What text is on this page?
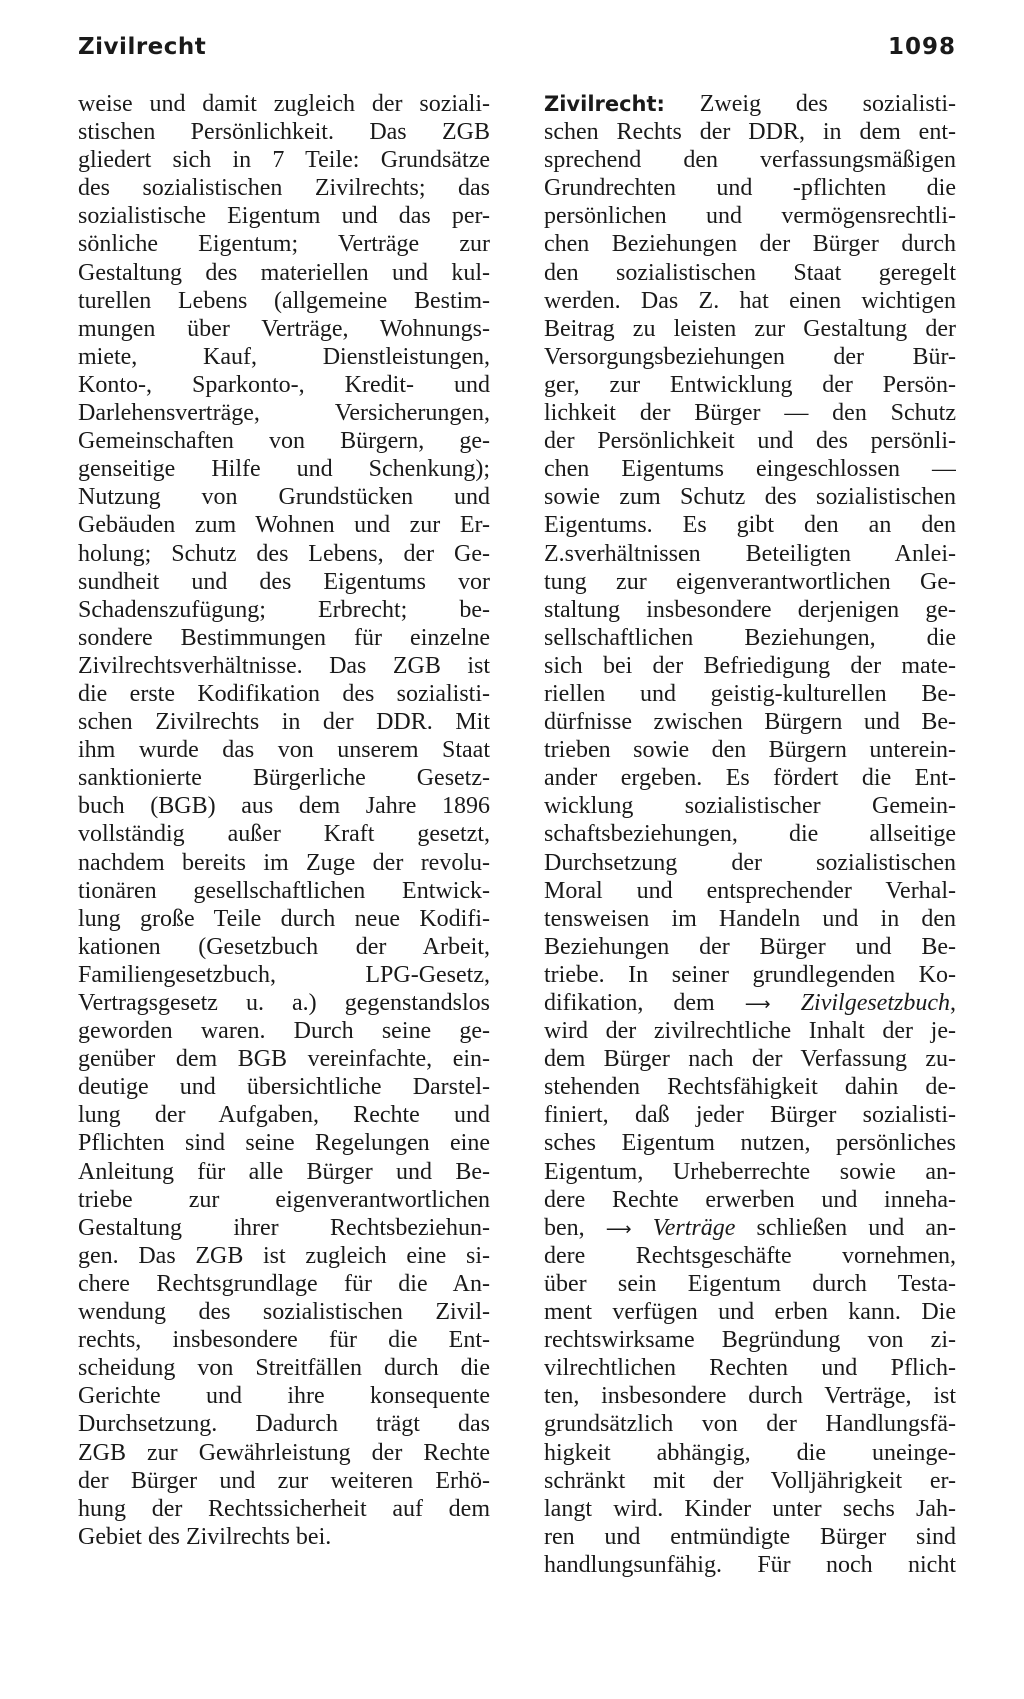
Zivilrecht	1098
weise und damit zugleich der soziali-
stischen Persönlichkeit. Das ZGB
gliedert sich in 7 Teile: Grundsätze
des sozialistischen Zivilrechts; das
sozialistische Eigentum und das per-
sönliche Eigentum; Verträge zur
Gestaltung des materiellen und kul-
turellen Lebens (allgemeine Bestim-
mungen über Verträge, Wohnungs-
miete, Kauf, Dienstleistungen,
Konto-, Sparkonto-, Kredit- und
Darlehensverträge, Versicherungen,
Gemeinschaften von Bürgern, ge-
genseitige Hilfe und Schenkung);
Nutzung von Grundstücken und
Gebäuden zum Wohnen und zur Er-
holung; Schutz des Lebens, der Ge-
sundheit und des Eigentums vor
Schadenszufügung; Erbrecht; be-
sondere Bestimmungen für einzelne
Zivilrechtsverhältnisse. Das ZGB ist
die erste Kodifikation des sozialisti-
schen Zivilrechts in der DDR. Mit
ihm wurde das von unserem Staat
sanktionierte Bürgerliche Gesetz-
buch (BGB) aus dem Jahre 1896
vollständig außer Kraft gesetzt,
nachdem bereits im Zuge der revolu-
tionären gesellschaftlichen Entwick-
lung große Teile durch neue Kodifi-
kationen (Gesetzbuch der Arbeit,
Familiengesetzbuch, LPG-Gesetz,
Vertragsgesetz u. a.) gegenstandslos
geworden waren. Durch seine ge-
genüber dem BGB vereinfachte, ein-
deutige und übersichtliche Darstel-
lung der Aufgaben, Rechte und
Pflichten sind seine Regelungen eine
Anleitung für alle Bürger und Be-
triebe zur eigenverantwortlichen
Gestaltung ihrer Rechtsbeziehun-
gen. Das ZGB ist zugleich eine si-
chere Rechtsgrundlage für die An-
wendung des sozialistischen Zivil-
rechts, insbesondere für die Ent-
scheidung von Streitfällen durch die
Gerichte und ihre konsequente
Durchsetzung. Dadurch trägt das
ZGB zur Gewährleistung der Rechte
der Bürger und zur weiteren Erhö-
hung der Rechtssicherheit auf dem
Gebiet des Zivilrechts bei.
Zivilrecht: Zweig des sozialisti-
schen Rechts der DDR, in dem ent-
sprechend den verfassungsmäßigen
Grundrechten und -pflichten die
persönlichen und vermögensrechtli-
chen Beziehungen der Bürger durch
den sozialistischen Staat geregelt
werden. Das Z. hat einen wichtigen
Beitrag zu leisten zur Gestaltung der
Versorgungsbeziehungen der Bür-
ger, zur Entwicklung der Persön-
lichkeit der Bürger — den Schutz
der Persönlichkeit und des persönli-
chen Eigentums eingeschlossen —
sowie zum Schutz des sozialistischen
Eigentums. Es gibt den an den
Z.sverhältnissen Beteiligten Anlei-
tung zur eigenverantwortlichen Ge-
staltung insbesondere derjenigen ge-
sellschaftlichen Beziehungen, die
sich bei der Befriedigung der mate-
riellen und geistig-kulturellen Be-
dürfnisse zwischen Bürgern und Be-
trieben sowie den Bürgern unterein-
ander ergeben. Es fördert die Ent-
wicklung sozialistischer Gemein-
schaftsbeziehungen, die allseitige
Durchsetzung der sozialistischen
Moral und entsprechender Verhal-
tensweisen im Handeln und in den
Beziehungen der Bürger und Be-
triebe. In seiner grundlegenden Ko-
difikation, dem ⟶ Zivilgesetzbuch,
wird der zivilrechtliche Inhalt der je-
dem Bürger nach der Verfassung zu-
stehenden Rechtsfähigkeit dahin de-
finiert, daß jeder Bürger sozialisti-
sches Eigentum nutzen, persönliches
Eigentum, Urheberrechte sowie an-
dere Rechte erwerben und inneha-
ben, ⟶ Verträge schließen und an-
dere Rechtsgeschäfte vornehmen,
über sein Eigentum durch Testa-
ment verfügen und erben kann. Die
rechtswirksame Begründung von zi-
vilrechtlichen Rechten und Pflich-
ten, insbesondere durch Verträge, ist
grundsätzlich von der Handlungsfä-
higkeit abhängig, die uneinge-
schränkt mit der Volljährigkeit er-
langt wird. Kinder unter sechs Jah-
ren und entmündigte Bürger sind
handlungsunfähig. Für noch nicht
